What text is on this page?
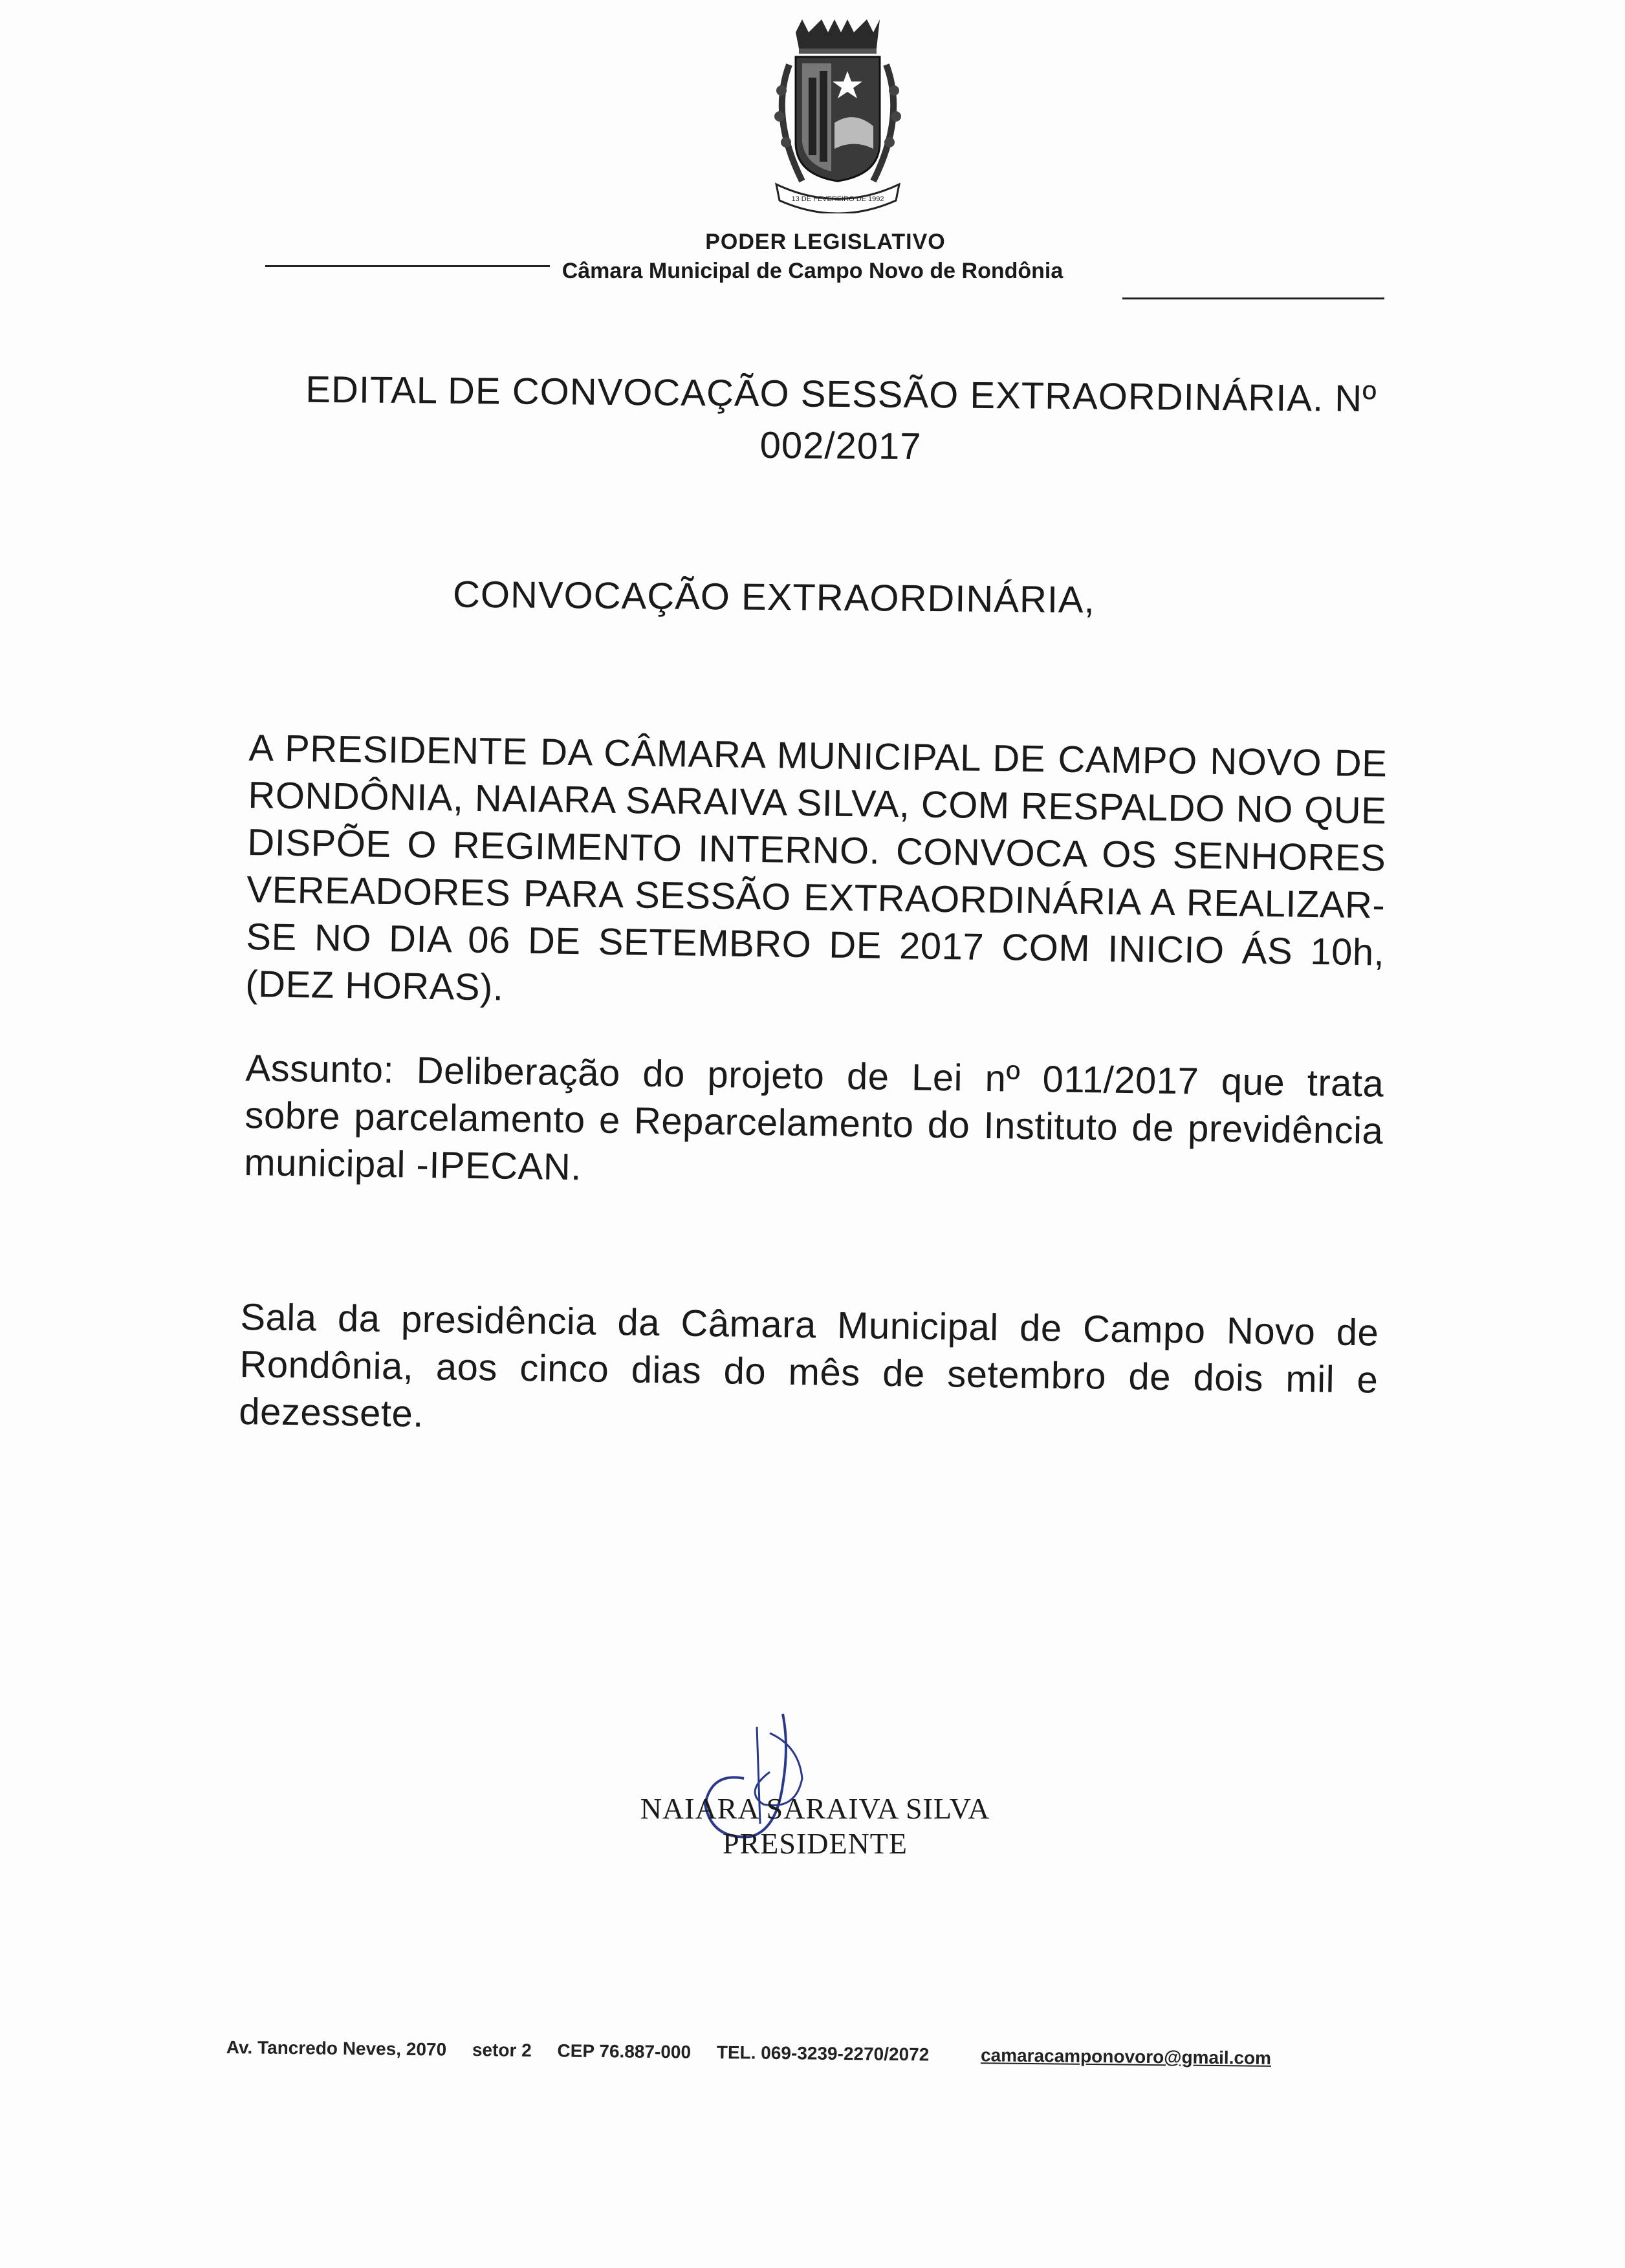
13 DE FEVEREIRO DE 1992
PODER LEGISLATIVO
Câmara Municipal de Campo Novo de Rondônia
EDITAL DE CONVOCAÇÃO SESSÃO EXTRAORDINÁRIA. Nº 002/2017
CONVOCAÇÃO EXTRAORDINÁRIA,
A PRESIDENTE DA CÂMARA MUNICIPAL DE CAMPO NOVO DE RONDÔNIA, NAIARA SARAIVA SILVA, COM RESPALDO NO QUE DISPÕE O REGIMENTO INTERNO. CONVOCA OS SENHORES VEREADORES PARA SESSÃO EXTRAORDINÁRIA A REALIZAR-SE NO DIA 06 DE SETEMBRO DE 2017 COM INICIO ÁS 10h, (DEZ HORAS).
Assunto: Deliberação do projeto de Lei nº 011/2017 que trata sobre parcelamento e Reparcelamento do Instituto de previdência municipal -IPECAN.
Sala da presidência da Câmara Municipal de Campo Novo de Rondônia, aos cinco dias do mês de setembro de dois mil e dezessete.
NAIARA SARAIVA SILVA
PRESIDENTE
Av. Tancredo Neves, 2070 setor 2 CEP 76.887-000 TEL. 069-3239-2270/2072	camaracamponovoro@gmail.com
